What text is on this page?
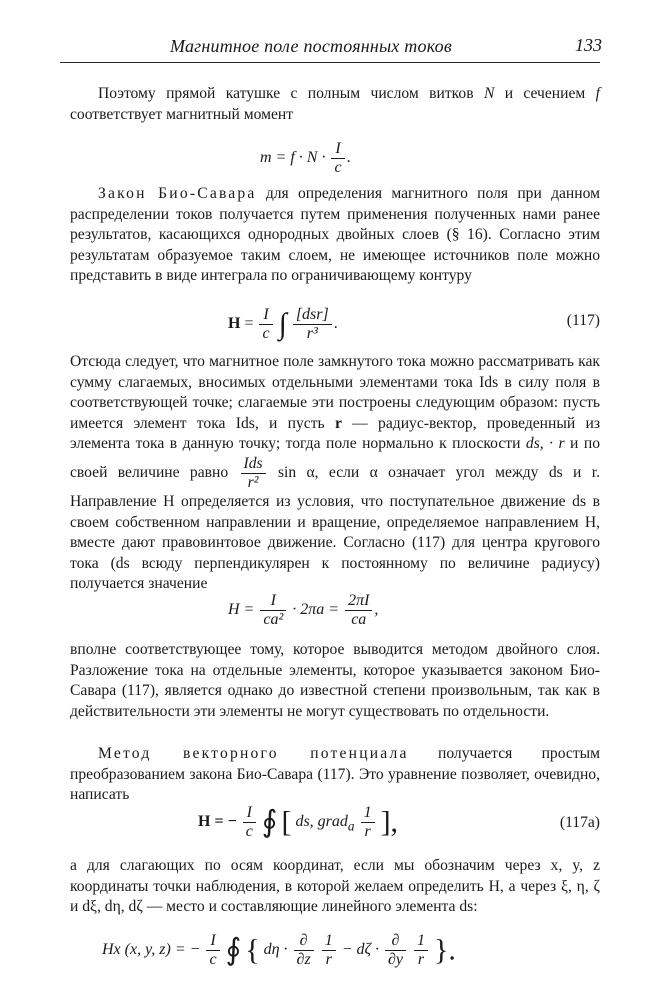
Магнитное поле постоянных токов	133

Поэтому прямой катушке с полным числом витков N и сечением f соответствует магнитный момент

$m = f \cdot N \cdot \frac{I}{c}$ .

Закон Био-Савара для определения магнитного поля при данном распределении токов получается путем применения полученных нами ранее результатов, касающихся однородных двойных слоев (§ 16). Согласно этим результатам образуемое таким слоем, не имеющее источников поле можно представить в виде интеграла по ограничивающему контуру

$H = \frac{I}{c}$ ∫ $\frac{\text{[dsr]}}{\text{r³}}$ .	(117)

Отсюда следует, что магнитное поле замкнутого тока можно рассматривать как сумму слагаемых, вносимых отдельными элементами тока Ids в силу поля в соответствующей точке; слагаемые эти построены следующим образом: пусть имеется элемент тока Ids, и пусть r — радиус-вектор, проведенный из элемента тока в данную точку; тогда поле нормально к плоскости ds, · r и по своей величине равно $\frac{\text{Ids}}{\text{r²}}$ sin α, если α означает угол между ds и r. Направление H определяется из условия, что поступательное движение ds в своем собственном направлении и вращение, определяемое направлением H, вместе дают правовинтовое движение. Согласно (117) для центра кругового тока (ds всюду перпендикулярен к постоянному по величине радиусу) получается значение

$H = \frac{I}{\text{ca²}} \cdot 2\pi a = \frac{2\pi I}{ca}$ ,

вполне соответствующее тому, которое выводится методом двойного слоя. Разложение тока на отдельные элементы, которое указывается законом Био-Савара (117), является однако до известной степени произвольным, так как в действительности эти элементы не могут существовать по отдельности.

Метод векторного потенциала получается простым преобразованием закона Био-Савара (117). Это уравнение позволяет, очевидно, написать

H = − $\frac{I}{c}$ ∮ [ ds, grad$_a$ $\frac{1}{r}$ ],	(117a)

а для слагающих по осям координат, если мы обозначим через x, y, z координаты точки наблюдения, в которой желаем определить H, а через ξ, η, ζ и dξ, dη, dζ — место и составляющие линейного элемента ds:

Hx (x, y, z) = − $\frac{I}{c}$ ∮ { $d\eta \cdot \frac{\partial}{\partial z}$
$\frac{1}{r} - d\zeta \cdot \frac{\partial}{\partial y}$
$\frac{1}{r}$ }.
